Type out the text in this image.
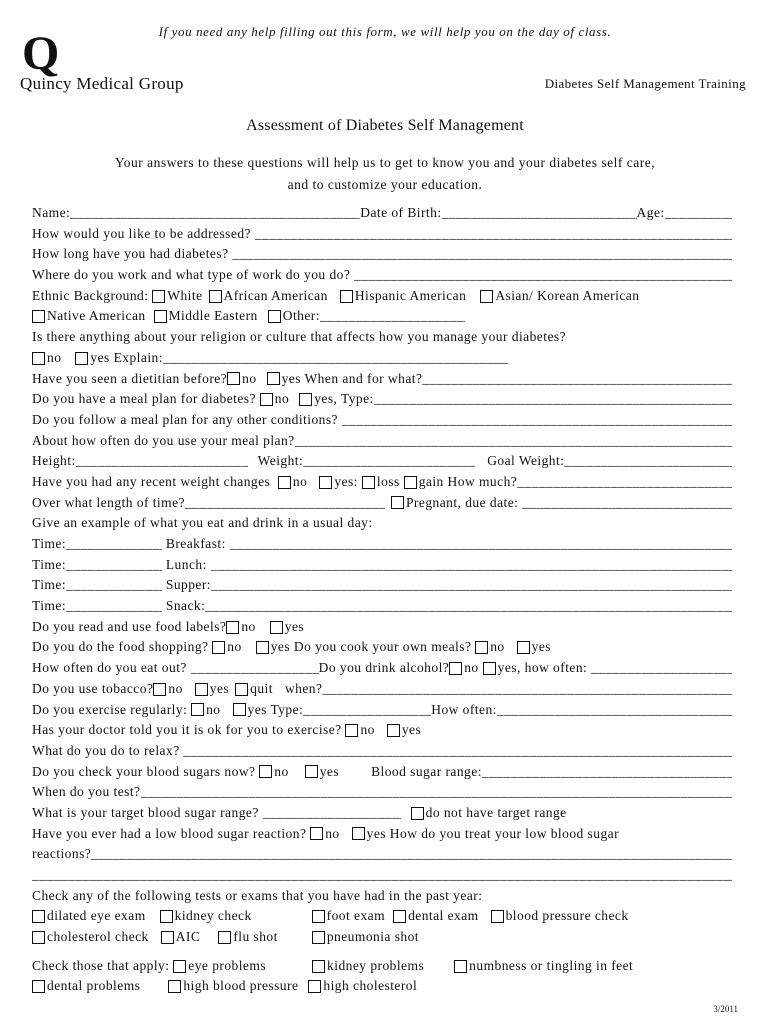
If you need any help filling out this form, we will help you on the day of class.
Q
Quincy Medical Group	Diabetes Self Management Training
Assessment of Diabetes Self Management
Your answers to these questions will help us to get to know you and your diabetes self care,
and to customize your education.
Name: _____	Date of Birth: _____	Age:
_____
How would you like to be addressed?

_____
How long have you had diabetes?

_____
Where do you work and what type of work do you do?

_____
Ethnic Background:
White African American Hispanic American Asian/ Korean American
Native American Middle Eastern Other:
_____
Is there anything about your religion or culture that affects how you manage your diabetes?
no yes Explain:
_____
Have you seen a dietitian before? no yes When and for what?
_____
Do you have a meal plan for diabetes?
no yes, Type:
_____
Do you follow a meal plan for any other conditions?

_____
About how often do you use your meal plan?
_____
Height: _____	Weight: _____	Goal Weight:
_____
Have you had any recent weight changes
no yes: loss gain How much?
_____
Over what length of time? _____	Pregnant, due date:

_____
Give an example of what you eat and drink in a usual day:
Time: _____
	Breakfast:

_____
Time: _____
	Lunch:

_____
Time: _____
	Supper:
_____
Time: _____
	Snack:
_____
Do you read and use food labels? no yes
Do you do the food shopping?
no yes
Do you cook your own meals?
no yes
How often do you eat out?
_____	Do you drink alcohol? no yes, how often:

_____
Do you use tobacco? no yes quit when?
_____
Do you exercise regularly:
no yes Type: _____	How often:
_____
Has your doctor told you it is ok for you to exercise?
no yes
What do you do to relax?

_____
Do you check your blood sugars now?
no yes Blood sugar range:
_____
When do you test?
_____
What is your target blood sugar range?
_____	do not have target range
Have you ever had a low blood sugar reaction?
no yes How do you treat your low blood sugar
reactions?
_____
_____
Check any of the following tests or exams that you have had in the past year:
dilated eye exam kidney check	foot exam dental exam blood pressure check
cholesterol check AIC flu shot	pneumonia shot
Check those that apply:
eye problems	kidney problems	numbness or tingling in feet
dental problems	high blood pressure high cholesterol
3/2011
